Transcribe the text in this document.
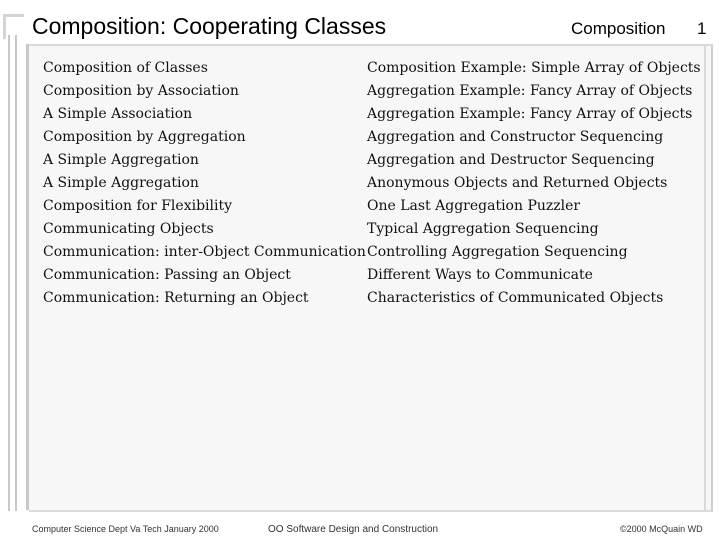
Composition: Cooperating Classes	Composition 1
Composition of Classes
Composition by Association
A Simple Association
Composition by Aggregation
A Simple Aggregation
A Simple Aggregation
Composition for Flexibility
Communicating Objects
Communication: inter-Object Communication
Communication: Passing an Object
Communication: Returning an Object
Composition Example: Simple Array of Objects
Aggregation Example: Fancy Array of Objects
Aggregation Example: Fancy Array of Objects
Aggregation and Constructor Sequencing
Aggregation and Destructor Sequencing
Anonymous Objects and Returned Objects
One Last Aggregation Puzzler
Typical Aggregation Sequencing
Controlling Aggregation Sequencing
Different Ways to Communicate
Characteristics of Communicated Objects
Computer Science Dept Va Tech January 2000	OO Software Design and Construction	©2000 McQuain WD
